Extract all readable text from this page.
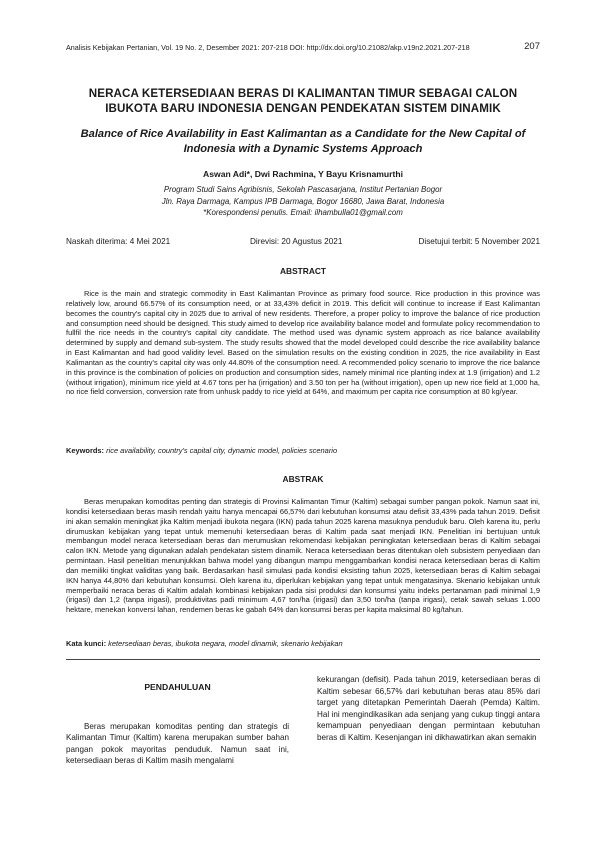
Analisis Kebijakan Pertanian, Vol. 19 No. 2, Desember 2021: 207-218 DOI: http://dx.doi.org/10.21082/akp.v19n2.2021.207-218	207
NERACA KETERSEDIAAN BERAS DI KALIMANTAN TIMUR SEBAGAI CALON IBUKOTA BARU INDONESIA DENGAN PENDEKATAN SISTEM DINAMIK
Balance of Rice Availability in East Kalimantan as a Candidate for the New Capital of Indonesia with a Dynamic Systems Approach
Aswan Adi*, Dwi Rachmina, Y Bayu Krisnamurthi
Program Studi Sains Agribisnis, Sekolah Pascasarjana, Institut Pertanian Bogor
Jln. Raya Darmaga, Kampus IPB Darmaga, Bogor 16680, Jawa Barat, Indonesia
*Korespondensi penulis. Email: ilhambulla01@gmail.com
Naskah diterima: 4 Mei 2021	Direvisi: 20 Agustus 2021	Disetujui terbit: 5 November 2021
ABSTRACT

Rice is the main and strategic commodity in East Kalimantan Province as primary food source. Rice production in this province was relatively low, around 66.57% of its consumption need, or at 33,43% deficit in 2019. This deficit will continue to increase if East Kalimantan becomes the country's capital city in 2025 due to arrival of new residents. Therefore, a proper policy to improve the balance of rice production and consumption need should be designed. This study aimed to develop rice availability balance model and formulate policy recommendation to fullfil the rice needs in the country's capital city candidate. The method used was dynamic system approach as rice balance availability determined by supply and demand sub-system. The study results showed that the model developed could describe the rice availability balance in East Kalimantan and had good validity level. Based on the simulation results on the existing condition in 2025, the rice availability in East Kalimantan as the country's capital city was only 44.80% of the consumption need. A recommended policy scenario to improve the rice balance in this province is the combination of policies on production and consumption sides, namely minimal rice planting index at 1.9 (irrigation) and 1.2 (without irrigation), minimum rice yield at 4.67 tons per ha (irrigation) and 3.50 ton per ha (without irrigation), open up new rice field at 1,000 ha, no rice field conversion, conversion rate from unhusk paddy to rice yield at 64%, and maximum per capita rice consumption at 80 kg/year.

Keywords: rice availability, country's capital city, dynamic model, policies scenario

ABSTRAK

Beras merupakan komoditas penting dan strategis di Provinsi Kalimantan Timur (Kaltim) sebagai sumber pangan pokok. Namun saat ini, kondisi ketersediaan beras masih rendah yaitu hanya mencapai 66,57% dari kebutuhan konsumsi atau defisit 33,43% pada tahun 2019. Defisit ini akan semakin meningkat jika Kaltim menjadi ibukota negara (IKN) pada tahun 2025 karena masuknya penduduk baru. Oleh karena itu, perlu dirumuskan kebijakan yang tepat untuk memenuhi ketersediaan beras di Kaltim pada saat menjadi IKN. Penelitian ini bertujuan untuk membangun model neraca ketersediaan beras dan merumuskan rekomendasi kebijakan peningkatan ketersediaan beras di Kaltim sebagai calon IKN. Metode yang digunakan adalah pendekatan sistem dinamik. Neraca ketersediaan beras ditentukan oleh subsistem penyediaan dan permintaan. Hasil penelitian menunjukkan bahwa model yang dibangun mampu menggambarkan kondisi neraca ketersediaan beras di Kaltim dan memiliki tingkat validitas yang baik. Berdasarkan hasil simulasi pada kondisi eksisting tahun 2025, ketersediaan beras di Kaltim sebagai IKN hanya 44,80% dari kebutuhan konsumsi. Oleh karena itu, diperlukan kebijakan yang tepat untuk mengatasinya. Skenario kebijakan untuk memperbaiki neraca beras di Kaltim adalah kombinasi kebijakan pada sisi produksi dan konsumsi yaitu indeks pertanaman padi minimal 1,9 (irigasi) dan 1,2 (tanpa irigasi), produktivitas padi minimum 4,67 ton/ha (irigasi) dan 3,50 ton/ha (tanpa irigasi), cetak sawah seluas 1.000 hektare, menekan konversi lahan, rendemen beras ke gabah 64% dan konsumsi beras per kapita maksimal 80 kg/tahun.

Kata kunci: ketersediaan beras, ibukota negara, model dinamik, skenario kebijakan

PENDAHULUAN

Beras merupakan komoditas penting dan strategis di Kalimantan Timur (Kaltim) karena merupakan sumber bahan pangan pokok mayoritas penduduk. Namun saat ini, ketersediaan beras di Kaltim masih mengalami

kekurangan (defisit). Pada tahun 2019, ketersediaan beras di Kaltim sebesar 66,57% dari kebutuhan beras atau 85% dari target yang ditetapkan Pemerintah Daerah (Pemda) Kaltim. Hal ini mengindikasikan ada senjang yang cukup tinggi antara kemampuan penyediaan dengan permintaan kebutuhan beras di Kaltim. Kesenjangan ini dikhawatirkan akan semakin
